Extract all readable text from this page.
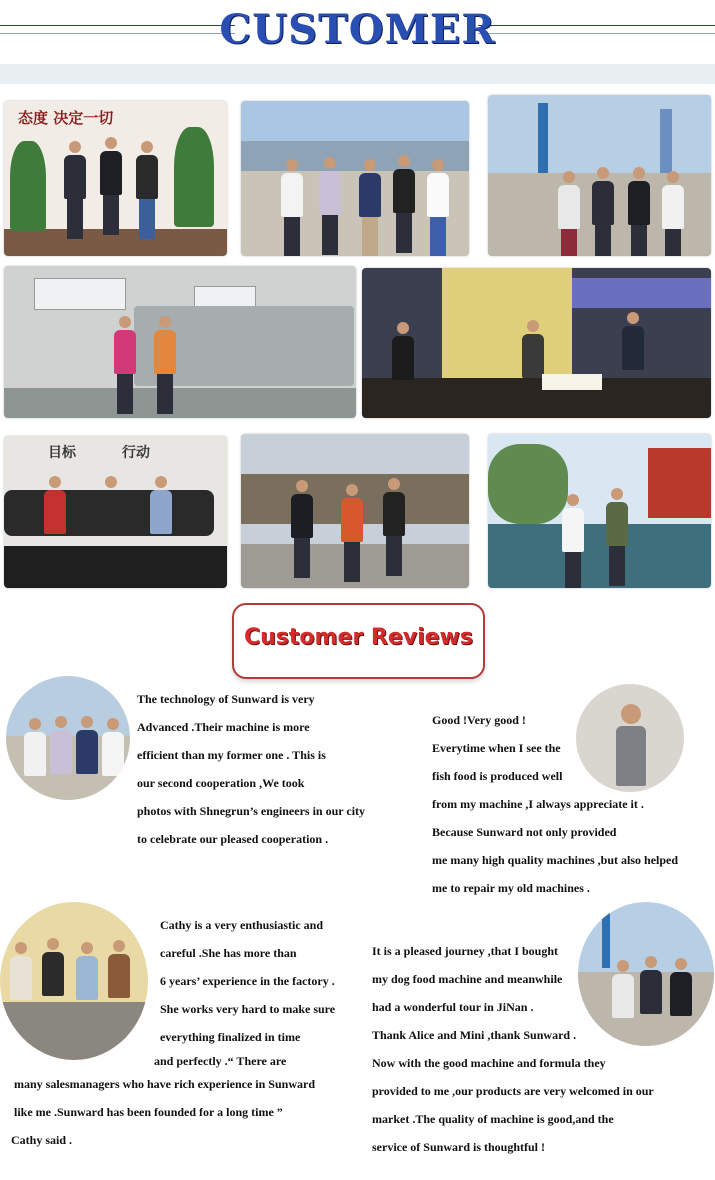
CUSTOMER
态度 决定一切
目标	行动
Customer Reviews
The technology of Sunward is very
Advanced .Their machine is more
efficient than my former one . This is
our second cooperation ,We took
photos with Shnegrun’s engineers in our city
to celebrate our pleased cooperation .
Good !Very good !
Everytime when I see the
fish food is produced well
from my machine ,I always appreciate it .
Because Sunward not only provided
me many high quality machines ,but also helped
me to repair my old machines .
Cathy is a very enthusiastic and
careful .She has more than
6 years’ experience in the factory .
She works very hard to make sure
everything finalized in time
and perfectly .“ There are
many salesmanagers who have rich experience in Sunward
like me .Sunward has been founded for a long time ”
Cathy said .
It is a pleased journey ,that I bought
my dog food machine and meanwhile
had a wonderful tour in JiNan .
Thank Alice and Mini ,thank Sunward .
Now with the good machine and formula they
provided to me ,our products are very welcomed in our
market .The quality of machine is good,and the
service of Sunward is thoughtful !
